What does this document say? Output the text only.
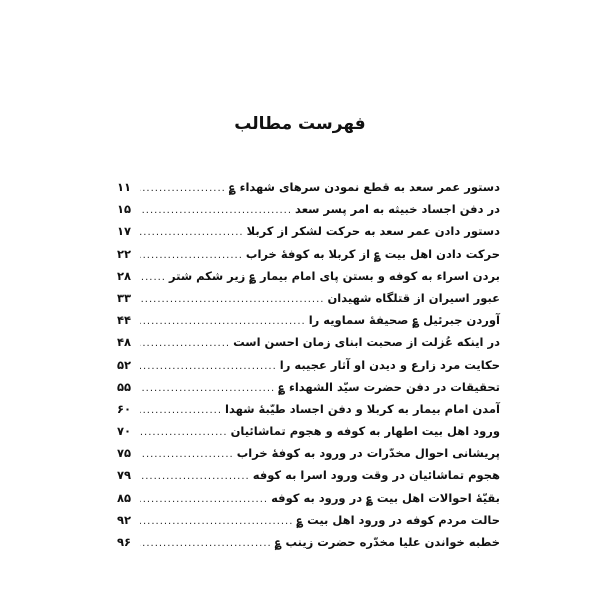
فهرست مطالب
دستور عمر سعد به قطع نمودن سرهای شهداء ؏
.....
۱۱
در دفن اجساد خبیثه به امر پسر سعد
.....
۱۵
دستور دادن عمر سعد به حرکت لشکر از کربلا
.....
۱۷
حرکت دادن اهل بیت ؏ از کربلا به کوفهٔ خراب
.....
۲۲
بردن اسراء به کوفه و بستن پای امام بیمار ؏ زیر شکم شتر
.....
۲۸
عبور اسیران از قتلگاه شهیدان
.....
۳۳
آوردن جبرئیل ؏ صحیفهٔ سماویه را
.....
۴۴
در اینکه عُزلت از صحبت ابنای زمان احسن است
.....
۴۸
حکایت مرد زارع و دیدن او آثار عجیبه را
.....
۵۲
تحقیقات در دفن حضرت سیّد الشهداء ؏
.....
۵۵
آمدن امام بیمار به کربلا و دفن اجساد طیّبهٔ شهدا
.....
۶۰
ورود اهل بیت اطهار به کوفه و هجوم تماشائیان
.....
۷۰
پریشانی احوال مخدّرات در ورود به کوفهٔ خراب
.....
۷۵
هجوم تماشائیان در وقت ورود اسرا به کوفه
.....
۷۹
بقیّهٔ احوالات اهل بیت ؏ در ورود به کوفه
.....
۸۵
حالت مردم کوفه در ورود اهل بیت ؏
.....
۹۲
خطبه خواندن علیا مخدّره حضرت زینب ؏
.....
۹۶
